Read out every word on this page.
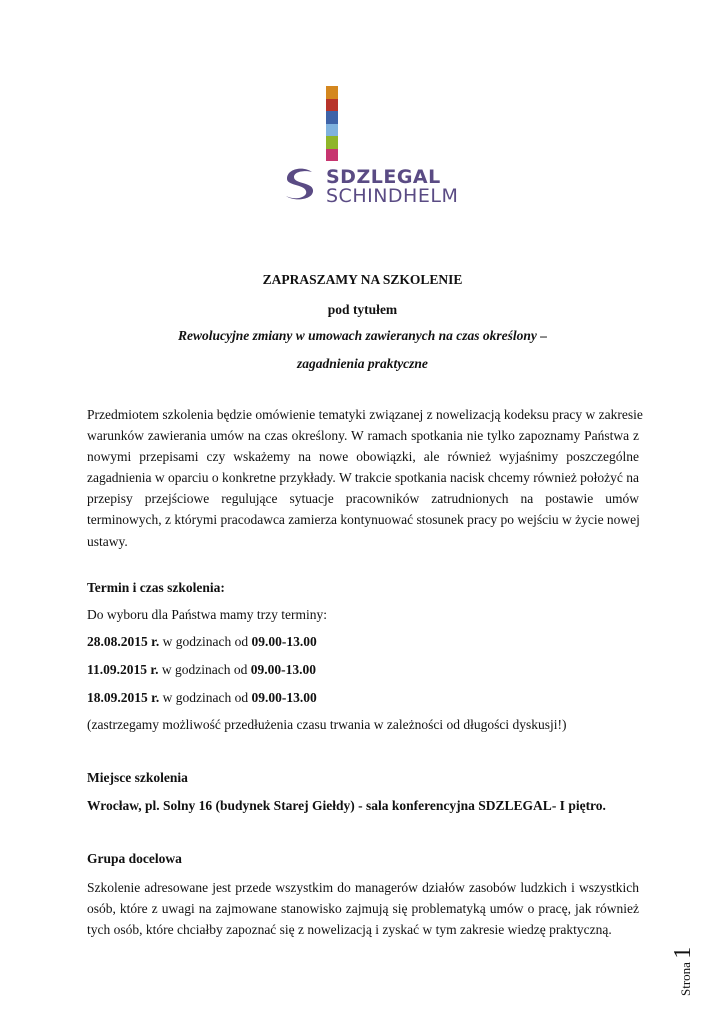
SDZLEGAL
SCHINDHELM
ZAPRASZAMY NA SZKOLENIE
pod tytułem
Rewolucyjne zmiany w umowach zawieranych na czas określony –
zagadnienia praktyczne
Przedmiotem szkolenia będzie omówienie tematyki związanej z nowelizacją kodeksu pracy w zakresie
warunków zawierania umów na czas określony. W ramach spotkania nie tylko zapoznamy Państwa z
nowymi przepisami czy wskażemy na nowe obowiązki, ale również wyjaśnimy poszczególne
zagadnienia w oparciu o konkretne przykłady. W trakcie spotkania nacisk chcemy również położyć na
przepisy przejściowe regulujące sytuacje pracowników zatrudnionych na postawie umów
terminowych, z którymi pracodawca zamierza kontynuować stosunek pracy po wejściu w życie nowej
ustawy.
Termin i czas szkolenia:
Do wyboru dla Państwa mamy trzy terminy:
28.08.2015 r. w godzinach od 09.00-13.00
11.09.2015 r. w godzinach od 09.00-13.00
18.09.2015 r. w godzinach od 09.00-13.00
(zastrzegamy możliwość przedłużenia czasu trwania w zależności od długości dyskusji!)
Miejsce szkolenia
Wrocław, pl. Solny 16 (budynek Starej Giełdy) - sala konferencyjna SDZLEGAL- I piętro.
Grupa docelowa
Szkolenie adresowane jest przede wszystkim do managerów działów zasobów ludzkich i wszystkich
osób, które z uwagi na zajmowane stanowisko zajmują się problematyką umów o pracę, jak również
tych osób, które chciałby zapoznać się z nowelizacją i zyskać w tym zakresie wiedzę praktyczną.
Strona 1
